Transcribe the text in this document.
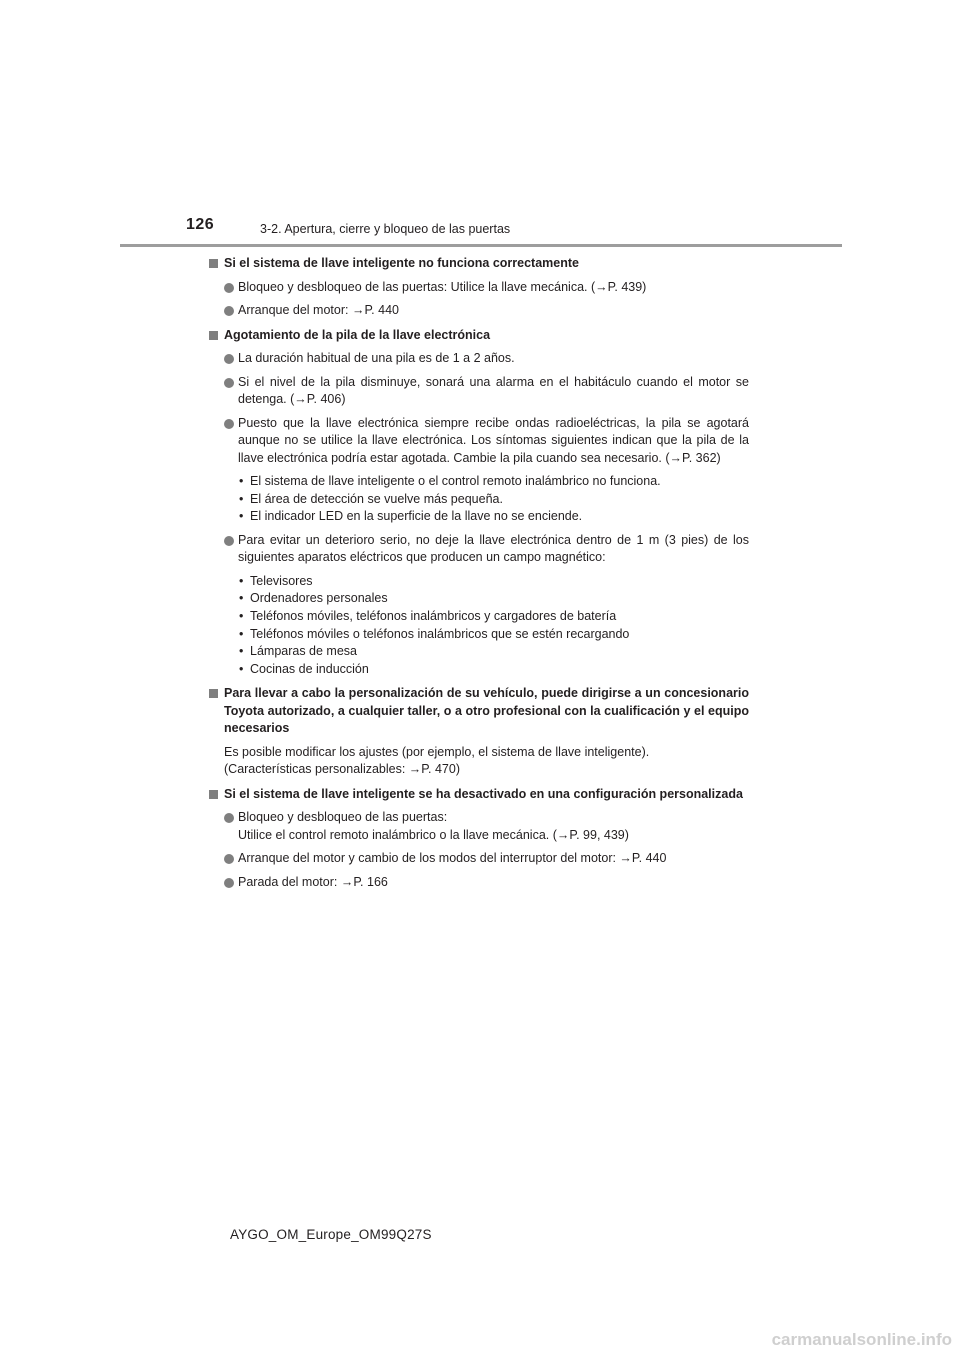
126	3-2. Apertura, cierre y bloqueo de las puertas
Si el sistema de llave inteligente no funciona correctamente
Bloqueo y desbloqueo de las puertas: Utilice la llave mecánica. (→P. 439)
Arranque del motor: →P. 440
Agotamiento de la pila de la llave electrónica
La duración habitual de una pila es de 1 a 2 años.
Si el nivel de la pila disminuye, sonará una alarma en el habitáculo cuando el motor se detenga. (→P. 406)
Puesto que la llave electrónica siempre recibe ondas radioeléctricas, la pila se agotará aunque no se utilice la llave electrónica. Los síntomas siguientes indican que la pila de la llave electrónica podría estar agotada. Cambie la pila cuando sea necesario. (→P. 362)
• El sistema de llave inteligente o el control remoto inalámbrico no funciona.
• El área de detección se vuelve más pequeña.
• El indicador LED en la superficie de la llave no se enciende.
Para evitar un deterioro serio, no deje la llave electrónica dentro de 1 m (3 pies) de los siguientes aparatos eléctricos que producen un campo magnético:
• Televisores
• Ordenadores personales
• Teléfonos móviles, teléfonos inalámbricos y cargadores de batería
• Teléfonos móviles o teléfonos inalámbricos que se estén recargando
• Lámparas de mesa
• Cocinas de inducción
Para llevar a cabo la personalización de su vehículo, puede dirigirse a un concesionario Toyota autorizado, a cualquier taller, o a otro profesional con la cualificación y el equipo necesarios
Es posible modificar los ajustes (por ejemplo, el sistema de llave inteligente).
(Características personalizables: →P. 470)
Si el sistema de llave inteligente se ha desactivado en una configuración personalizada
Bloqueo y desbloqueo de las puertas:
Utilice el control remoto inalámbrico o la llave mecánica. (→P. 99, 439)
Arranque del motor y cambio de los modos del interruptor del motor: →P. 440
Parada del motor: →P. 166
AYGO_OM_Europe_OM99Q27S
carmanualsonline.info
